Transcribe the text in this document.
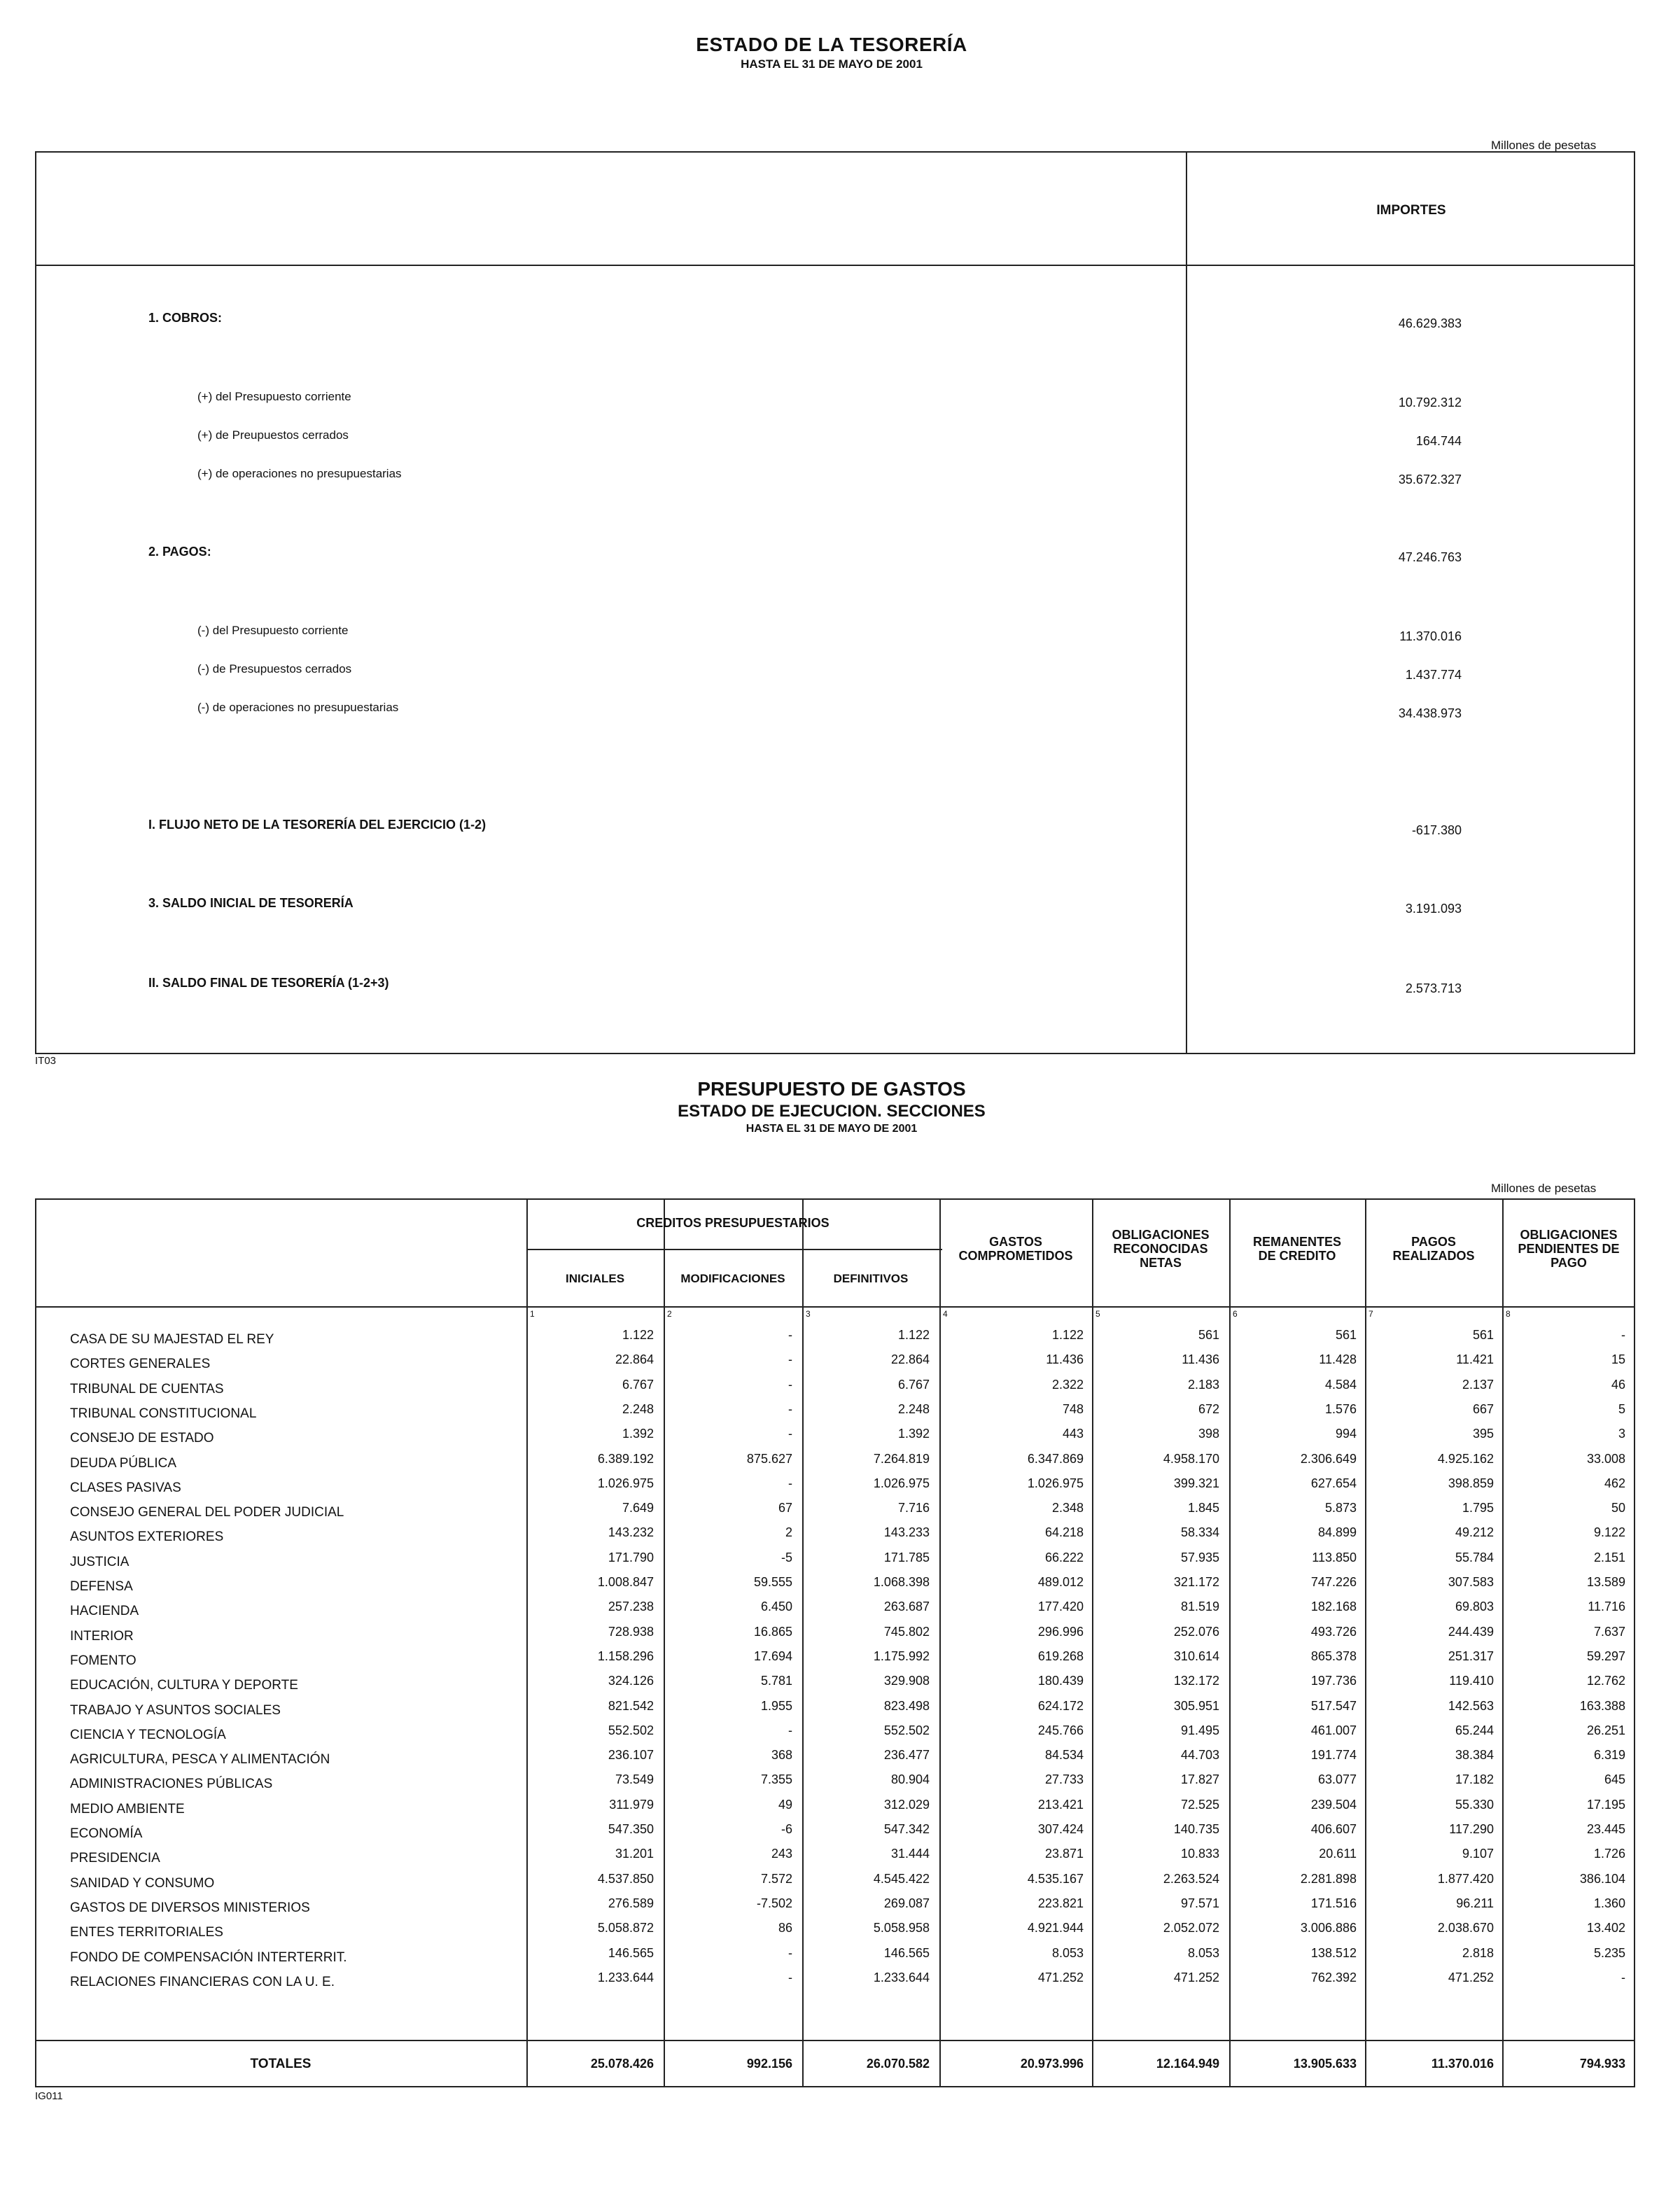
ESTADO DE LA TESORERÍA
HASTA EL 31 DE MAYO DE 2001
Millones de pesetas
IMPORTES
1. COBROS:	46.629.383
(+) del Presupuesto corriente	10.792.312
(+) de Preupuestos cerrados	164.744
(+) de operaciones no presupuestarias	35.672.327
2. PAGOS:	47.246.763
(-) del Presupuesto corriente	11.370.016
(-) de Presupuestos cerrados	1.437.774
(-) de operaciones no presupuestarias	34.438.973
I. FLUJO NETO DE LA TESORERÍA DEL EJERCICIO (1-2)	-617.380
3. SALDO INICIAL DE TESORERÍA	3.191.093
II. SALDO FINAL DE TESORERÍA (1-2+3)	2.573.713
IT03
PRESUPUESTO DE GASTOS
ESTADO DE EJECUCION. SECCIONES
HASTA EL 31 DE MAYO DE 2001
Millones de pesetas
CREDITOS PRESUPUESTARIOS
INICIALES	MODIFICACIONES	DEFINITIVOS
GASTOS
COMPROMETIDOS
OBLIGACIONES
RECONOCIDAS
NETAS
REMANENTES
DE CREDITO
PAGOS
REALIZADOS
OBLIGACIONES
PENDIENTES DE
PAGO
1	2	3	4	5	6	7	8
CASA DE SU MAJESTAD EL REY	1.122	-	1.122	1.122	561	561	561	-
CORTES GENERALES	22.864	-	22.864	11.436	11.436	11.428	11.421	15
TRIBUNAL DE CUENTAS	6.767	-	6.767	2.322	2.183	4.584	2.137	46
TRIBUNAL CONSTITUCIONAL	2.248	-	2.248	748	672	1.576	667	5
CONSEJO DE ESTADO	1.392	-	1.392	443	398	994	395	3
DEUDA PÚBLICA	6.389.192	875.627	7.264.819	6.347.869	4.958.170	2.306.649	4.925.162	33.008
CLASES PASIVAS	1.026.975	-	1.026.975	1.026.975	399.321	627.654	398.859	462
CONSEJO GENERAL DEL PODER JUDICIAL	7.649	67	7.716	2.348	1.845	5.873	1.795	50
ASUNTOS EXTERIORES	143.232	2	143.233	64.218	58.334	84.899	49.212	9.122
JUSTICIA	171.790	-5	171.785	66.222	57.935	113.850	55.784	2.151
DEFENSA	1.008.847	59.555	1.068.398	489.012	321.172	747.226	307.583	13.589
HACIENDA	257.238	6.450	263.687	177.420	81.519	182.168	69.803	11.716
INTERIOR	728.938	16.865	745.802	296.996	252.076	493.726	244.439	7.637
FOMENTO	1.158.296	17.694	1.175.992	619.268	310.614	865.378	251.317	59.297
EDUCACIÓN, CULTURA Y DEPORTE	324.126	5.781	329.908	180.439	132.172	197.736	119.410	12.762
TRABAJO Y ASUNTOS SOCIALES	821.542	1.955	823.498	624.172	305.951	517.547	142.563	163.388
CIENCIA Y TECNOLOGÍA	552.502	-	552.502	245.766	91.495	461.007	65.244	26.251
AGRICULTURA, PESCA Y ALIMENTACIÓN	236.107	368	236.477	84.534	44.703	191.774	38.384	6.319
ADMINISTRACIONES PÚBLICAS	73.549	7.355	80.904	27.733	17.827	63.077	17.182	645
MEDIO AMBIENTE	311.979	49	312.029	213.421	72.525	239.504	55.330	17.195
ECONOMÍA	547.350	-6	547.342	307.424	140.735	406.607	117.290	23.445
PRESIDENCIA	31.201	243	31.444	23.871	10.833	20.611	9.107	1.726
SANIDAD Y CONSUMO	4.537.850	7.572	4.545.422	4.535.167	2.263.524	2.281.898	1.877.420	386.104
GASTOS DE DIVERSOS MINISTERIOS	276.589	-7.502	269.087	223.821	97.571	171.516	96.211	1.360
ENTES TERRITORIALES	5.058.872	86	5.058.958	4.921.944	2.052.072	3.006.886	2.038.670	13.402
FONDO DE COMPENSACIÓN INTERTERRIT.	146.565	-	146.565	8.053	8.053	138.512	2.818	5.235
RELACIONES FINANCIERAS CON LA U. E.	1.233.644	-	1.233.644	471.252	471.252	762.392	471.252	-
TOTALES	25.078.426	992.156	26.070.582	20.973.996	12.164.949	13.905.633	11.370.016	794.933
IG011
